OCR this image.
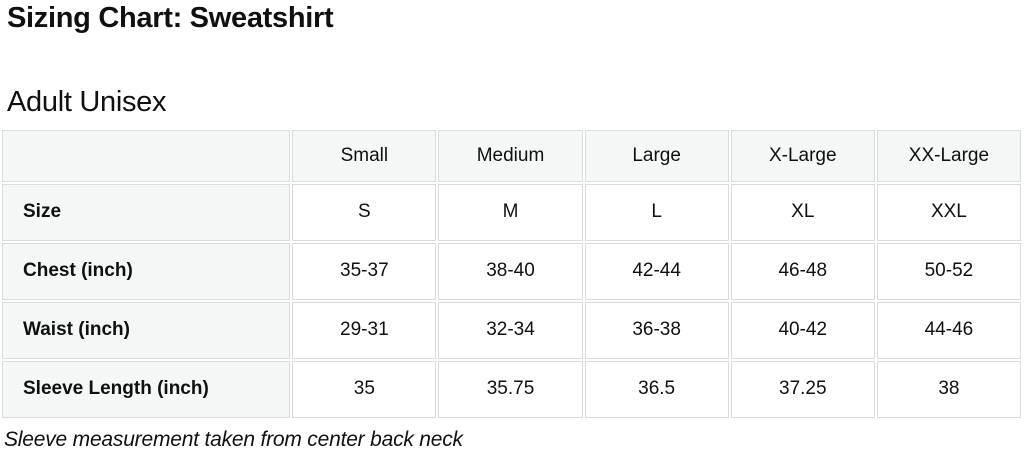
Sizing Chart: Sweatshirt
Adult Unisex
	Small	Medium	Large	X-Large	XX-Large
Size	S	M	L	XL	XXL
Chest (inch)	35-37	38-40	42-44	46-48	50-52
Waist (inch)	29-31	32-34	36-38	40-42	44-46
Sleeve Length (inch)	35	35.75	36.5	37.25	38
Sleeve measurement taken from center back neck
